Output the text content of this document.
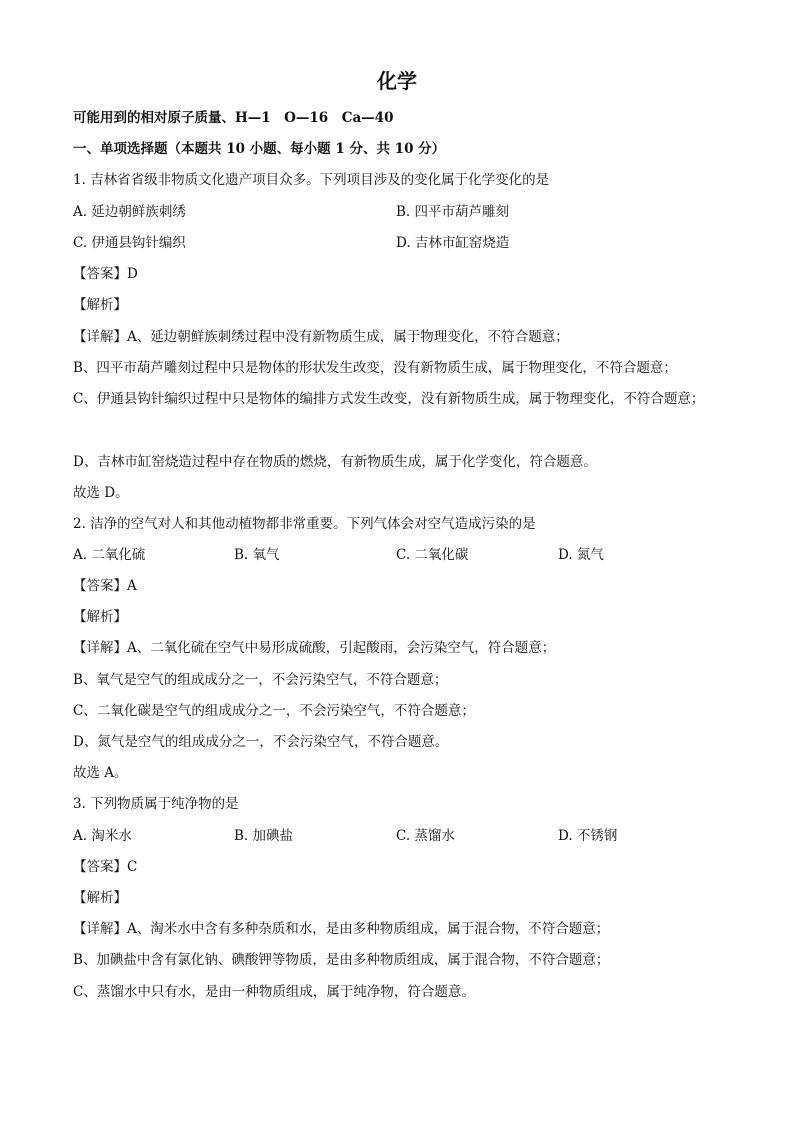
化学
可能用到的相对原子质量、H—1　O—16　Ca—40
一、单项选择题（本题共 10 小题、每小题 1 分、共 10 分）
1. 吉林省省级非物质文化遗产项目众多。下列项目涉及的变化属于化学变化的是
A. 延边朝鲜族刺绣	B. 四平市葫芦雕刻
C. 伊通县钩针编织	D. 吉林市缸窑烧造
【答案】D
【解析】
【详解】A、延边朝鲜族刺绣过程中没有新物质生成，属于物理变化，不符合题意；
B、四平市葫芦雕刻过程中只是物体的形状发生改变，没有新物质生成，属于物理变化，不符合题意；
C、伊通县钩针编织过程中只是物体的编排方式发生改变，没有新物质生成，属于物理变化，不符合题意；
D、吉林市缸窑烧造过程中存在物质的燃烧，有新物质生成，属于化学变化，符合题意。
故选 D。
2. 洁净的空气对人和其他动植物都非常重要。下列气体会对空气造成污染的是
A. 二氧化硫	B. 氧气	C. 二氧化碳	D. 氮气
【答案】A
【解析】
【详解】A、二氧化硫在空气中易形成硫酸，引起酸雨，会污染空气，符合题意；
B、氧气是空气的组成成分之一，不会污染空气，不符合题意；
C、二氧化碳是空气的组成成分之一，不会污染空气，不符合题意；
D、氮气是空气的组成成分之一，不会污染空气，不符合题意。
故选 A。
3. 下列物质属于纯净物的是
A. 淘米水	B. 加碘盐	C. 蒸馏水	D. 不锈钢
【答案】C
【解析】
【详解】A、淘米水中含有多种杂质和水，是由多种物质组成，属于混合物，不符合题意；
B、加碘盐中含有氯化钠、碘酸钾等物质，是由多种物质组成，属于混合物，不符合题意；
C、蒸馏水中只有水，是由一种物质组成，属于纯净物，符合题意。
